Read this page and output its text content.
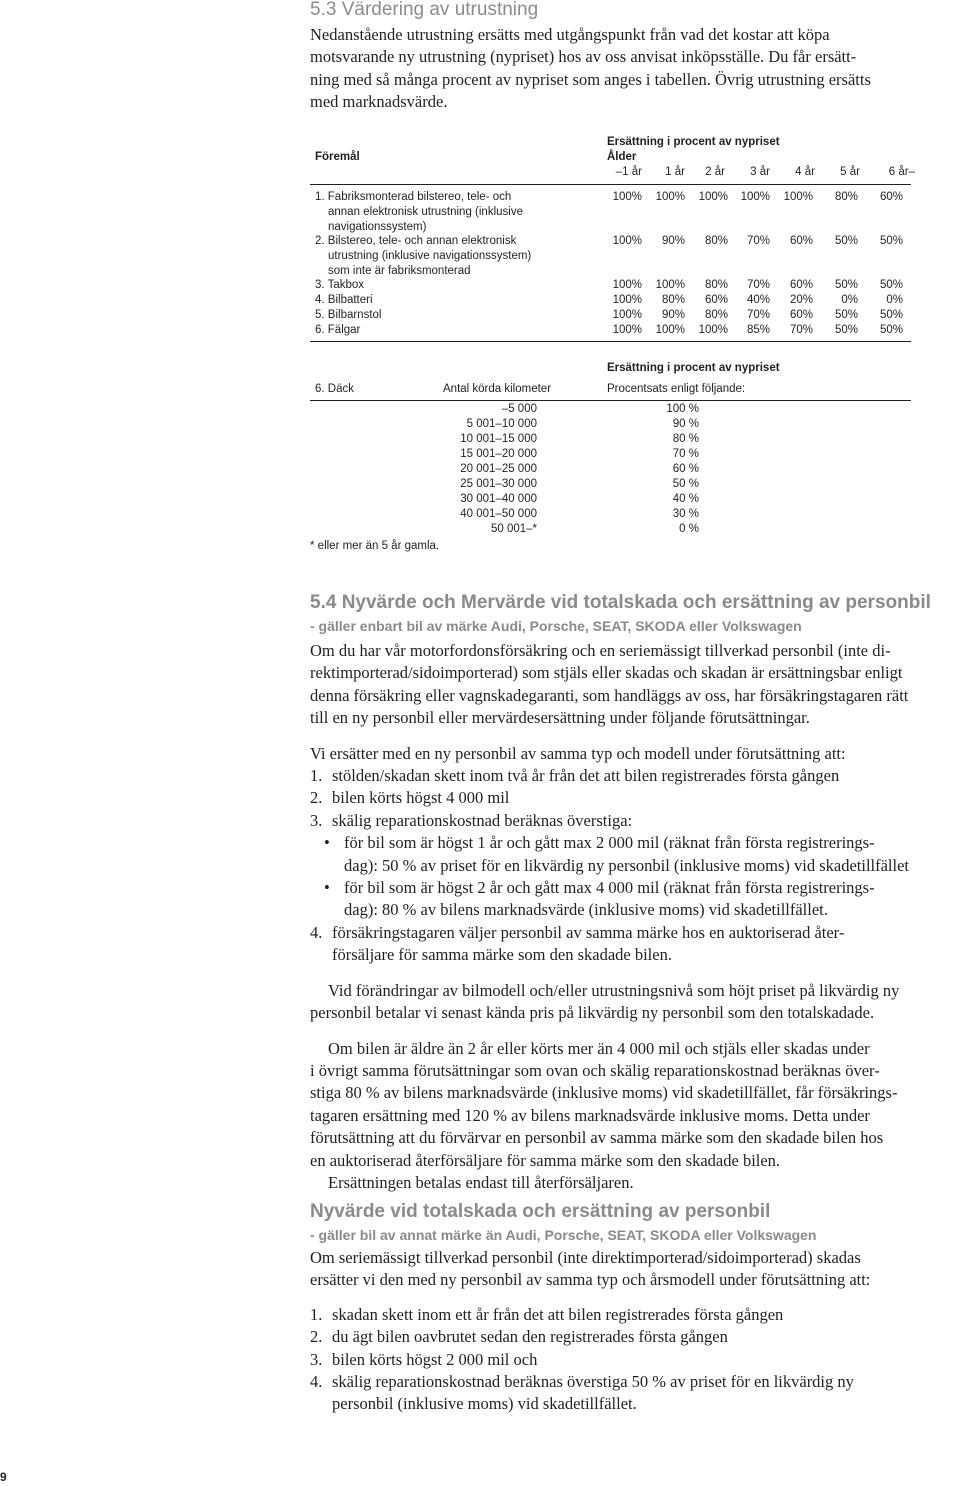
5.3 Värdering av utrustning

Nedanstående utrustning ersätts med utgångspunkt från vad det kostar att köpa

motsvarande ny utrustning (nypriset) hos av oss anvisat inköpsställe. Du får ersätt-

ning med så många procent av nypriset som anges i tabellen. Övrig utrustning ersätts

med marknadsvärde.

Ersättning i procent av nypriset
Föremål	Ålder
–1 år	1 år	2 år	3 år	4 år	5 år	6 år–
1. Fabriksmonterad bilstereo, tele- och
annan elektronisk utrustning (inklusive
navigationssystem)
100%	100%	100%	100%	100%	80%	60%
2. Bilstereo, tele- och annan elektronisk
utrustning (inklusive navigationssystem)
som inte är fabriksmonterad
100%	90%	80%	70%	60%	50%	50%
3. Takbox	100%	100%	80%	70%	60%	50%	50%
4. Bilbatteri	100%	80%	60%	40%	20%	0%	0%
5. Bilbarnstol	100%	90%	80%	70%	60%	50%	50%
6. Fälgar	100%	100%	100%	85%	70%	50%	50%
Ersättning i procent av nypriset
6. Däck	Antal körda kilometer	Procentsats enligt följande:
–5 000	100 %
5 001–10 000	90 %
10 001–15 000	80 %
15 001–20 000	70 %
20 001–25 000	60 %
25 001–30 000	50 %
30 001–40 000	40 %
40 001–50 000	30 %
50 001–*	0 %
* eller mer än 5 år gamla.
5.4 Nyvärde och Mervärde vid totalskada och ersättning av personbil
- gäller enbart bil av märke Audi, Porsche, SEAT, SKODA eller Volkswagen

Om du har vår motorfordonsförsäkring och en seriemässigt tillverkad personbil (inte di-

rektimporterad/sidoimporterad) som stjäls eller skadas och skadan är ersättningsbar enligt

denna försäkring eller vagnskadegaranti, som handläggs av oss, har försäkringstagaren rätt

till en ny personbil eller mervärdesersättning under följande förutsättningar.

Vi ersätter med en ny personbil av samma typ och modell under förutsättning att:

1. stölden/skadan skett inom två år från det att bilen registrerades första gången

2. bilen körts högst 4 000 mil

3. skälig reparationskostnad beräknas överstiga:

• för bil som är högst 1 år och gått max 2 000 mil (räknat från första registrerings-

dag): 50 % av priset för en likvärdig ny personbil (inklusive moms) vid skadetillfället

• för bil som är högst 2 år och gått max 4 000 mil (räknat från första registrerings-

dag): 80 % av bilens marknadsvärde (inklusive moms) vid skadetillfället.

4. försäkringstagaren väljer personbil av samma märke hos en auktoriserad åter-

försäljare för samma märke som den skadade bilen.

Vid förändringar av bilmodell och/eller utrustningsnivå som höjt priset på likvärdig ny

personbil betalar vi senast kända pris på likvärdig ny personbil som den totalskadade.

Om bilen är äldre än 2 år eller körts mer än 4 000 mil och stjäls eller skadas under

i övrigt samma förutsättningar som ovan och skälig reparationskostnad beräknas över-

stiga 80 % av bilens marknadsvärde (inklusive moms) vid skadetillfället, får försäkrings-

tagaren ersättning med 120 % av bilens marknadsvärde inklusive moms. Detta under

förutsättning att du förvärvar en personbil av samma märke som den skadade bilen hos

en auktoriserad återförsäljare för samma märke som den skadade bilen.

Ersättningen betalas endast till återförsäljaren.

Nyvärde vid totalskada och ersättning av personbil
- gäller bil av annat märke än Audi, Porsche, SEAT, SKODA eller Volkswagen

Om seriemässigt tillverkad personbil (inte direktimporterad/sidoimporterad) skadas

ersätter vi den med ny personbil av samma typ och årsmodell under förutsättning att:

1. skadan skett inom ett år från det att bilen registrerades första gången

2. du ägt bilen oavbrutet sedan den registrerades första gången

3. bilen körts högst 2 000 mil och

4. skälig reparationskostnad beräknas överstiga 50 % av priset för en likvärdig ny

personbil (inklusive moms) vid skadetillfället.

9
